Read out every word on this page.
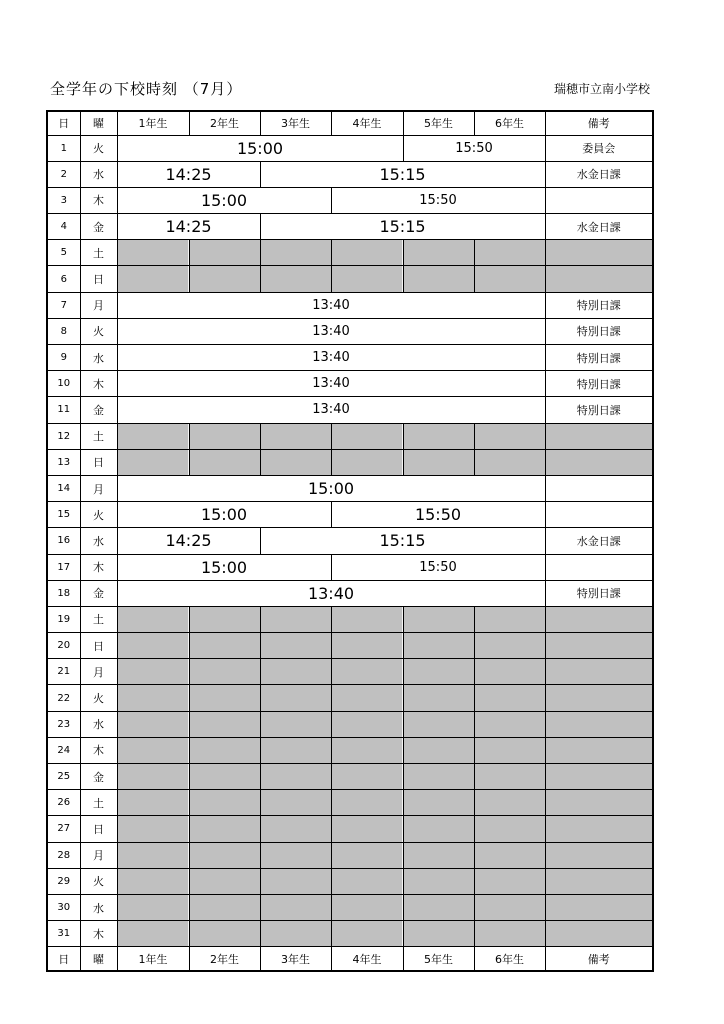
全学年の下校時刻 （7月）	瑞穂市立南小学校
日	曜	1年生	2年生	3年生	4年生	5年生	6年生	備考
1	火	15:00				15:50		委員会
2	水	14:25		15:15				水金日課
3	木	15:00			15:50			
4	金	14:25		15:15				水金日課
5	土							
6	日							
7	月	13:40						特別日課
8	火	13:40						特別日課
9	水	13:40						特別日課
10	木	13:40						特別日課
11	金	13:40						特別日課
12	土							
13	日							
14	月	15:00						
15	火	15:00			15:50			
16	水	14:25		15:15				水金日課
17	木	15:00			15:50			
18	金	13:40						特別日課
19	土							
20	日							
21	月							
22	火							
23	水							
24	木							
25	金							
26	土							
27	日							
28	月							
29	火							
30	水							
31	木							
日	曜	1年生	2年生	3年生	4年生	5年生	6年生	備考
